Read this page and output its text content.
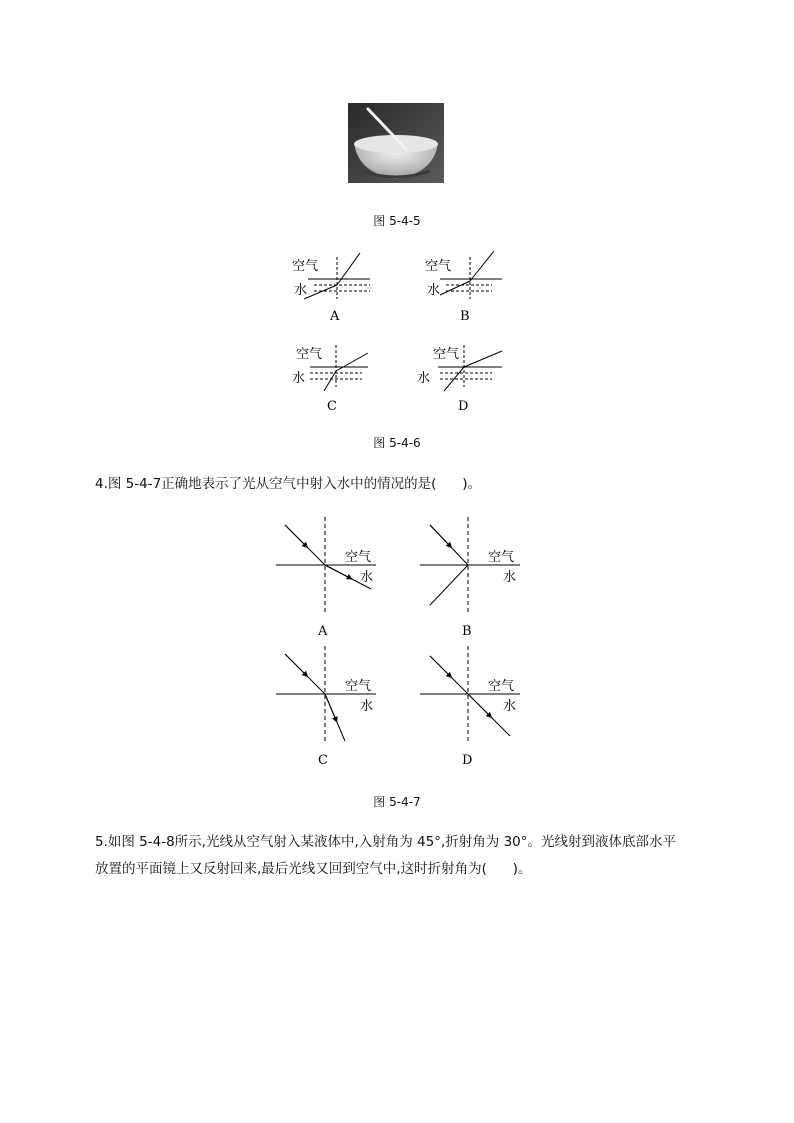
图 5-4-5
空气
水
A
空气
水
B
空气
水
C
空气
水
D
图 5-4-6
4.图 5-4-7正确地表示了光从空气中射入水中的情况的是(      )。
空气
水
A
空气
水
B
空气
水
C
空气
水
D
图 5-4-7
5.如图 5-4-8所示,光线从空气射入某液体中,入射角为 45°,折射角为 30°。光线射到液体底部水平
放置的平面镜上又反射回来,最后光线又回到空气中,这时折射角为(      )。
